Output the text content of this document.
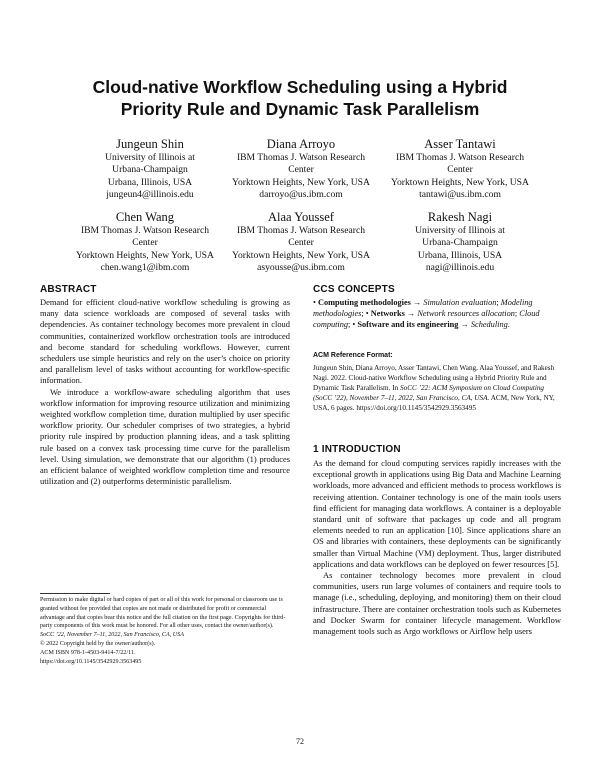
Cloud-native Workflow Scheduling using a Hybrid
Priority Rule and Dynamic Task Parallelism
Jungeun Shin
University of Illinois at
Urbana-Champaign
Urbana, Illinois, USA
jungeun4@illinois.edu
Diana Arroyo
IBM Thomas J. Watson Research
Center
Yorktown Heights, New York, USA
darroyo@us.ibm.com
Asser Tantawi
IBM Thomas J. Watson Research
Center
Yorktown Heights, New York, USA
tantawi@us.ibm.com
Chen Wang
IBM Thomas J. Watson Research
Center
Yorktown Heights, New York, USA
chen.wang1@ibm.com
Alaa Youssef
IBM Thomas J. Watson Research
Center
Yorktown Heights, New York, USA
asyousse@us.ibm.com
Rakesh Nagi
University of Illinois at
Urbana-Champaign
Urbana, Illinois, USA
nagi@illinois.edu
ABSTRACT

Demand for efficient cloud-native workflow scheduling is growing as many data science workloads are composed of several tasks with dependencies. As container technology becomes more prevalent in cloud communities, containerized workflow orchestration tools are introduced and become standard for scheduling workflows. However, current schedulers use simple heuristics and rely on the user’s choice on priority and parallelism level of tasks without accounting for workflow-specific information.

We introduce a workflow-aware scheduling algorithm that uses workflow information for improving resource utilization and minimizing weighted workflow completion time, duration multiplied by user specific workflow priority. Our scheduler comprises of two strategies, a hybrid priority rule inspired by production planning ideas, and a task splitting rule based on a convex task processing time curve for the parallelism level. Using simulation, we demonstrate that our algorithm (1) produces an efficient balance of weighted workflow completion time and resource utilization and (2) outperforms deterministic parallelism.

CCS CONCEPTS
• Computing methodologies → Simulation evaluation; Modeling methodologies; • Networks → Network resources allocation; Cloud computing; • Software and its engineering → Scheduling.
ACM Reference Format:
Jungeun Shin, Diana Arroyo, Asser Tantawi, Chen Wang, Alaa Youssef, and Rakesh Nagi. 2022. Cloud-native Workflow Scheduling using a Hybrid Priority Rule and Dynamic Task Parallelism. In SoCC ’22: ACM Symposium on Cloud Computing (SoCC ’22), November 7–11, 2022, San Francisco, CA, USA. ACM, New York, NY, USA, 6 pages. https://doi.org/10.1145/3542929.3563495
1 INTRODUCTION

As the demand for cloud computing services rapidly increases with the exceptional growth in applications using Big Data and Machine Learning workloads, more advanced and efficient methods to process workflows is receiving attention. Container technology is one of the main tools users find efficient for managing data workflows. A container is a deployable standard unit of software that packages up code and all program elements needed to run an application [10]. Since applications share an OS and libraries with containers, these deployments can be significantly smaller than Virtual Machine (VM) deployment. Thus, larger distributed applications and data workflows can be deployed on fewer resources [5].

As container technology becomes more prevalent in cloud communities, users run large volumes of containers and require tools to manage (i.e., scheduling, deploying, and monitoring) them on their cloud infrastructure. There are container orchestration tools such as Kubernetes and Docker Swarm for container lifecycle management. Workflow management tools such as Argo workflows or Airflow help users

Permission to make digital or hard copies of part or all of this work for personal or classroom use is granted without fee provided that copies are not made or distributed for profit or commercial advantage and that copies bear this notice and the full citation on the first page. Copyrights for third-party components of this work must be honored. For all other uses, contact the owner/author(s).
SoCC ’22, November 7–11, 2022, San Francisco, CA, USA
© 2022 Copyright held by the owner/author(s).
ACM ISBN 978-1-4503-9414-7/22/11.
https://doi.org/10.1145/3542929.3563495
72
